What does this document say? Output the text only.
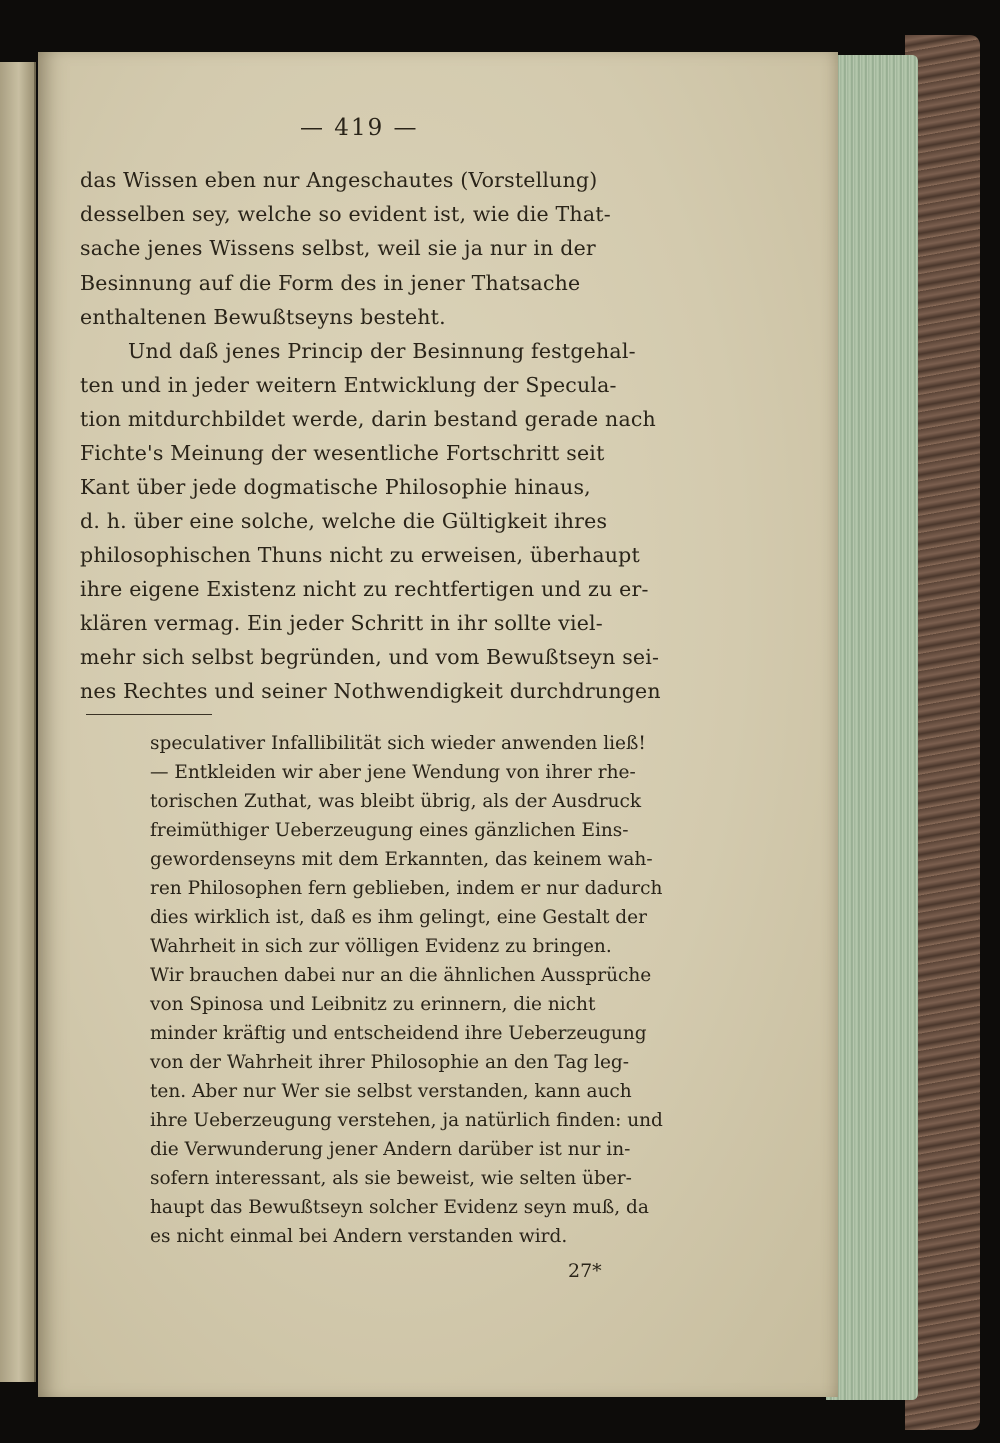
— 419 —
das Wissen eben nur Angeschautes (Vorstellung)
desselben sey, welche so evident ist, wie die That-
sache jenes Wissens selbst, weil sie ja nur in der
Besinnung auf die Form des in jener Thatsache
enthaltenen Bewußtseyns besteht.
Und daß jenes Princip der Besinnung festgehal-
ten und in jeder weitern Entwicklung der Specula-
tion mitdurchbildet werde, darin bestand gerade nach
Fichte's Meinung der wesentliche Fortschritt seit
Kant über jede dogmatische Philosophie hinaus,
d. h. über eine solche, welche die Gültigkeit ihres
philosophischen Thuns nicht zu erweisen, überhaupt
ihre eigene Existenz nicht zu rechtfertigen und zu er-
klären vermag. Ein jeder Schritt in ihr sollte viel-
mehr sich selbst begründen, und vom Bewußtseyn sei-
nes Rechtes und seiner Nothwendigkeit durchdrungen
speculativer Infallibilität sich wieder anwenden ließ!
— Entkleiden wir aber jene Wendung von ihrer rhe-
torischen Zuthat, was bleibt übrig, als der Ausdruck
freimüthiger Ueberzeugung eines gänzlichen Eins-
gewordenseyns mit dem Erkannten, das keinem wah-
ren Philosophen fern geblieben, indem er nur dadurch
dies wirklich ist, daß es ihm gelingt, eine Gestalt der
Wahrheit in sich zur völligen Evidenz zu bringen.
Wir brauchen dabei nur an die ähnlichen Aussprüche
von Spinosa und Leibnitz zu erinnern, die nicht
minder kräftig und entscheidend ihre Ueberzeugung
von der Wahrheit ihrer Philosophie an den Tag leg-
ten. Aber nur Wer sie selbst verstanden, kann auch
ihre Ueberzeugung verstehen, ja natürlich finden: und
die Verwunderung jener Andern darüber ist nur in-
sofern interessant, als sie beweist, wie selten über-
haupt das Bewußtseyn solcher Evidenz seyn muß, da
es nicht einmal bei Andern verstanden wird.
27*
